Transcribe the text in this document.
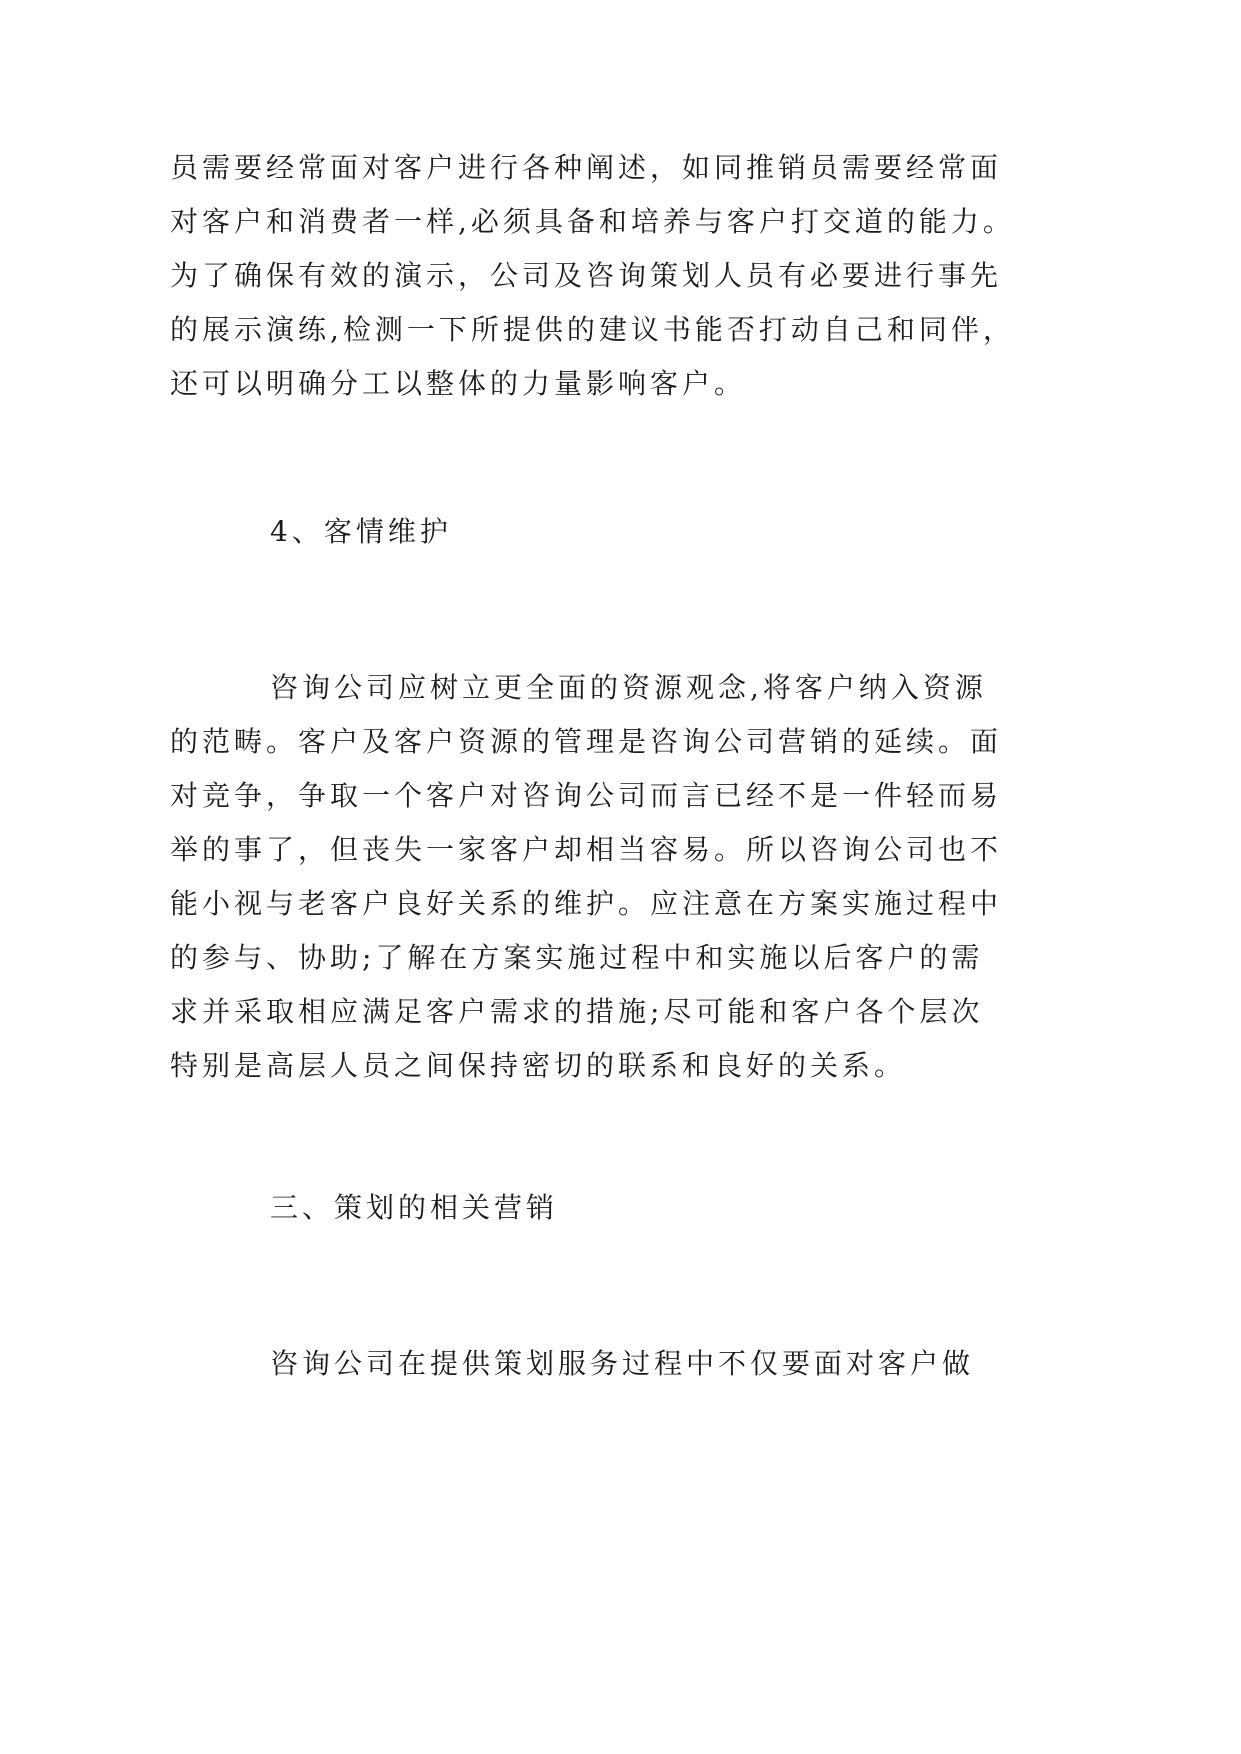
员需要经常面对客户进行各种阐述，如同推销员需要经常面
对客户和消费者一样,必须具备和培养与客户打交道的能力。
为了确保有效的演示，公司及咨询策划人员有必要进行事先
的展示演练,检测一下所提供的建议书能否打动自己和同伴，
还可以明确分工以整体的力量影响客户。
4、客情维护
咨询公司应树立更全面的资源观念,将客户纳入资源
的范畴。客户及客户资源的管理是咨询公司营销的延续。面
对竞争，争取一个客户对咨询公司而言已经不是一件轻而易
举的事了，但丧失一家客户却相当容易。所以咨询公司也不
能小视与老客户良好关系的维护。应注意在方案实施过程中
的参与、协助;了解在方案实施过程中和实施以后客户的需
求并采取相应满足客户需求的措施;尽可能和客户各个层次
特别是高层人员之间保持密切的联系和良好的关系。
三、策划的相关营销
咨询公司在提供策划服务过程中不仅要面对客户做
